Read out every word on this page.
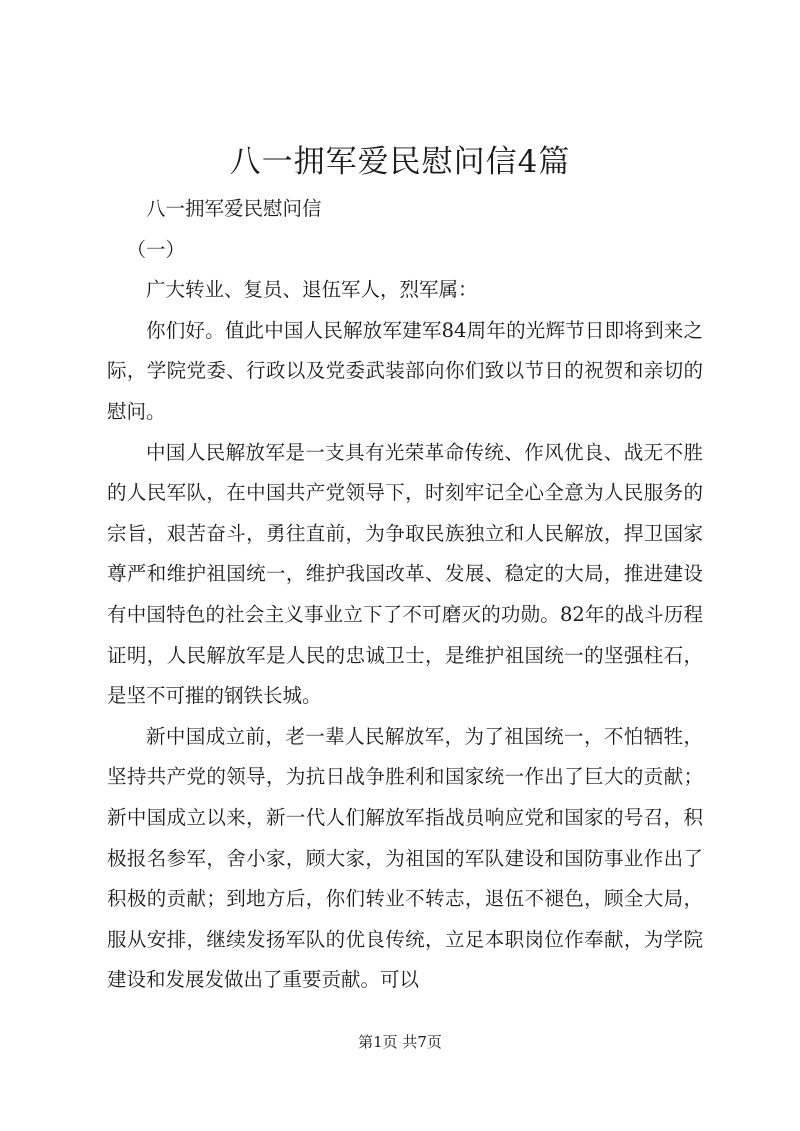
八一拥军爱民慰问信4篇

八一拥军爱民慰问信

（一）

广大转业、复员、退伍军人，烈军属：

你们好。值此中国人民解放军建军84周年的光辉节日即将到来之际，学院党委、行政以及党委武装部向你们致以节日的祝贺和亲切的慰问。

中国人民解放军是一支具有光荣革命传统、作风优良、战无不胜的人民军队，在中国共产党领导下，时刻牢记全心全意为人民服务的宗旨，艰苦奋斗，勇往直前，为争取民族独立和人民解放，捍卫国家尊严和维护祖国统一，维护我国改革、发展、稳定的大局，推进建设有中国特色的社会主义事业立下了不可磨灭的功勋。82年的战斗历程证明，人民解放军是人民的忠诚卫士，是维护祖国统一的坚强柱石，是坚不可摧的钢铁长城。

新中国成立前，老一辈人民解放军，为了祖国统一，不怕牺牲，坚持共产党的领导，为抗日战争胜利和国家统一作出了巨大的贡献；新中国成立以来，新一代人们解放军指战员响应党和国家的号召，积极报名参军，舍小家，顾大家，为祖国的军队建设和国防事业作出了积极的贡献；到地方后，你们转业不转志，退伍不褪色，顾全大局，服从安排，继续发扬军队的优良传统，立足本职岗位作奉献，为学院建设和发展发做出了重要贡献。可以

第1页 共7页
